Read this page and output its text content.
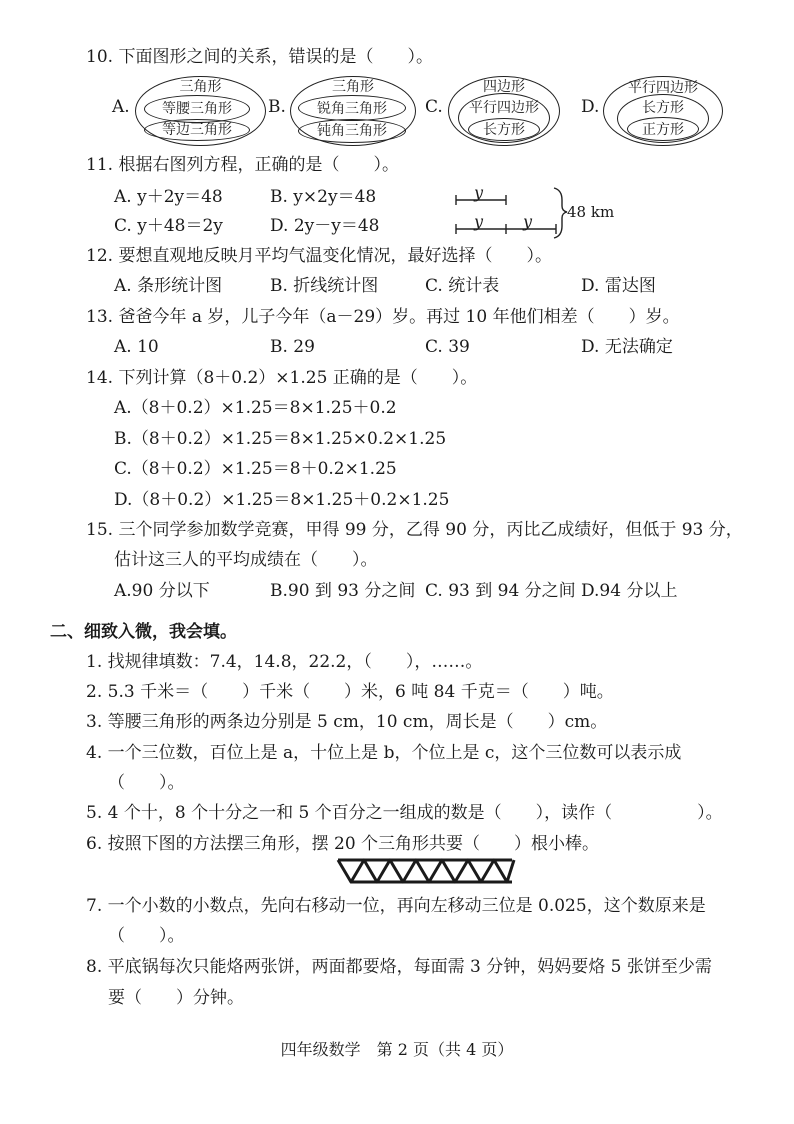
10. 下面图形之间的关系，错误的是（　　）。
A.
三角形
等腰三角形
等边三角形
B.
三角形
锐角三角形
钝角三角形
C.
四边形
平行四边形
长方形
D.
平行四边形
长方形
正方形
11. 根据右图列方程，正确的是（　　）。
A. y＋2y＝48	B. y×2y＝48
C. y＋48＝2y	D. 2y－y＝48
y
y y 48 km
12. 要想直观地反映月平均气温变化情况，最好选择（　　）。
A. 条形统计图	B. 折线统计图	C. 统计表	D. 雷达图
13. 爸爸今年 a 岁，儿子今年（a－29）岁。再过 10 年他们相差（　　）岁。
A. 10	B. 29	C. 39	D. 无法确定
14. 下列计算（8＋0.2）×1.25 正确的是（　　）。
A.（8＋0.2）×1.25＝8×1.25＋0.2
B.（8＋0.2）×1.25＝8×1.25×0.2×1.25
C.（8＋0.2）×1.25＝8＋0.2×1.25
D.（8＋0.2）×1.25＝8×1.25＋0.2×1.25
15. 三个同学参加数学竞赛，甲得 99 分，乙得 90 分，丙比乙成绩好，但低于 93 分，
估计这三人的平均成绩在（　　）。
A.90 分以下	B.90 到 93 分之间 C. 93 到 94 分之间 D.94 分以上
二、细致入微，我会填。
1. 找规律填数：7.4，14.8，22.2，（　　），……。
2. 5.3 千米＝（　　）千米（　　）米，6 吨 84 千克＝（　　）吨。
3. 等腰三角形的两条边分别是 5 cm，10 cm，周长是（　　）cm。
4. 一个三位数，百位上是 a，十位上是 b，个位上是 c，这个三位数可以表示成
（　　）。
5. 4 个十，8 个十分之一和 5 个百分之一组成的数是（　　），读作（　　　　　）。
6. 按照下图的方法摆三角形，摆 20 个三角形共要（　　）根小棒。
7. 一个小数的小数点，先向右移动一位，再向左移动三位是 0.025，这个数原来是
（　　）。
8. 平底锅每次只能烙两张饼，两面都要烙，每面需 3 分钟，妈妈要烙 5 张饼至少需
要（　　）分钟。
四年级数学　第 2 页（共 4 页）
